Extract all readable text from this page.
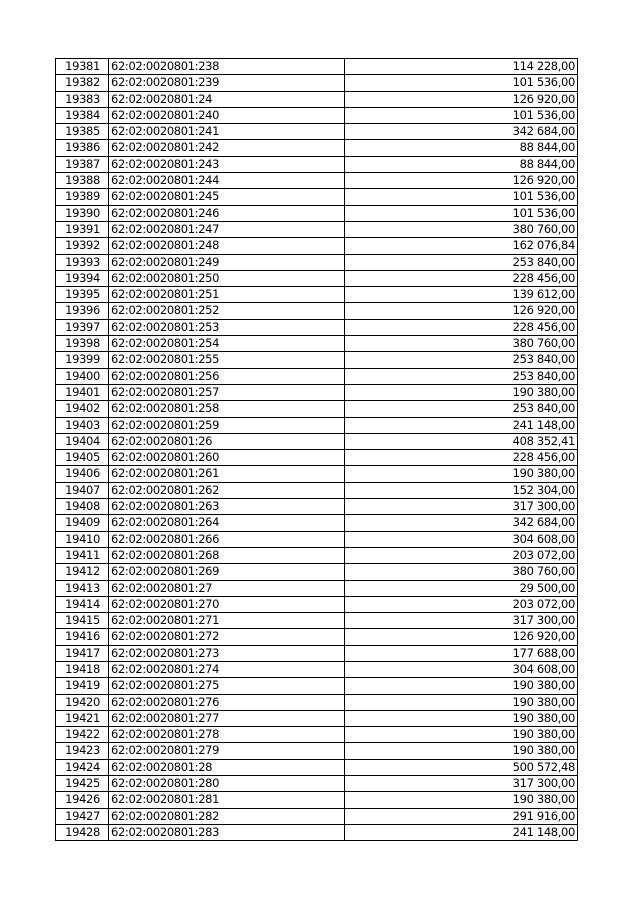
19381	62:02:0020801:238	114 228,00
19382	62:02:0020801:239	101 536,00
19383	62:02:0020801:24	126 920,00
19384	62:02:0020801:240	101 536,00
19385	62:02:0020801:241	342 684,00
19386	62:02:0020801:242	88 844,00
19387	62:02:0020801:243	88 844,00
19388	62:02:0020801:244	126 920,00
19389	62:02:0020801:245	101 536,00
19390	62:02:0020801:246	101 536,00
19391	62:02:0020801:247	380 760,00
19392	62:02:0020801:248	162 076,84
19393	62:02:0020801:249	253 840,00
19394	62:02:0020801:250	228 456,00
19395	62:02:0020801:251	139 612,00
19396	62:02:0020801:252	126 920,00
19397	62:02:0020801:253	228 456,00
19398	62:02:0020801:254	380 760,00
19399	62:02:0020801:255	253 840,00
19400	62:02:0020801:256	253 840,00
19401	62:02:0020801:257	190 380,00
19402	62:02:0020801:258	253 840,00
19403	62:02:0020801:259	241 148,00
19404	62:02:0020801:26	408 352,41
19405	62:02:0020801:260	228 456,00
19406	62:02:0020801:261	190 380,00
19407	62:02:0020801:262	152 304,00
19408	62:02:0020801:263	317 300,00
19409	62:02:0020801:264	342 684,00
19410	62:02:0020801:266	304 608,00
19411	62:02:0020801:268	203 072,00
19412	62:02:0020801:269	380 760,00
19413	62:02:0020801:27	29 500,00
19414	62:02:0020801:270	203 072,00
19415	62:02:0020801:271	317 300,00
19416	62:02:0020801:272	126 920,00
19417	62:02:0020801:273	177 688,00
19418	62:02:0020801:274	304 608,00
19419	62:02:0020801:275	190 380,00
19420	62:02:0020801:276	190 380,00
19421	62:02:0020801:277	190 380,00
19422	62:02:0020801:278	190 380,00
19423	62:02:0020801:279	190 380,00
19424	62:02:0020801:28	500 572,48
19425	62:02:0020801:280	317 300,00
19426	62:02:0020801:281	190 380,00
19427	62:02:0020801:282	291 916,00
19428	62:02:0020801:283	241 148,00
